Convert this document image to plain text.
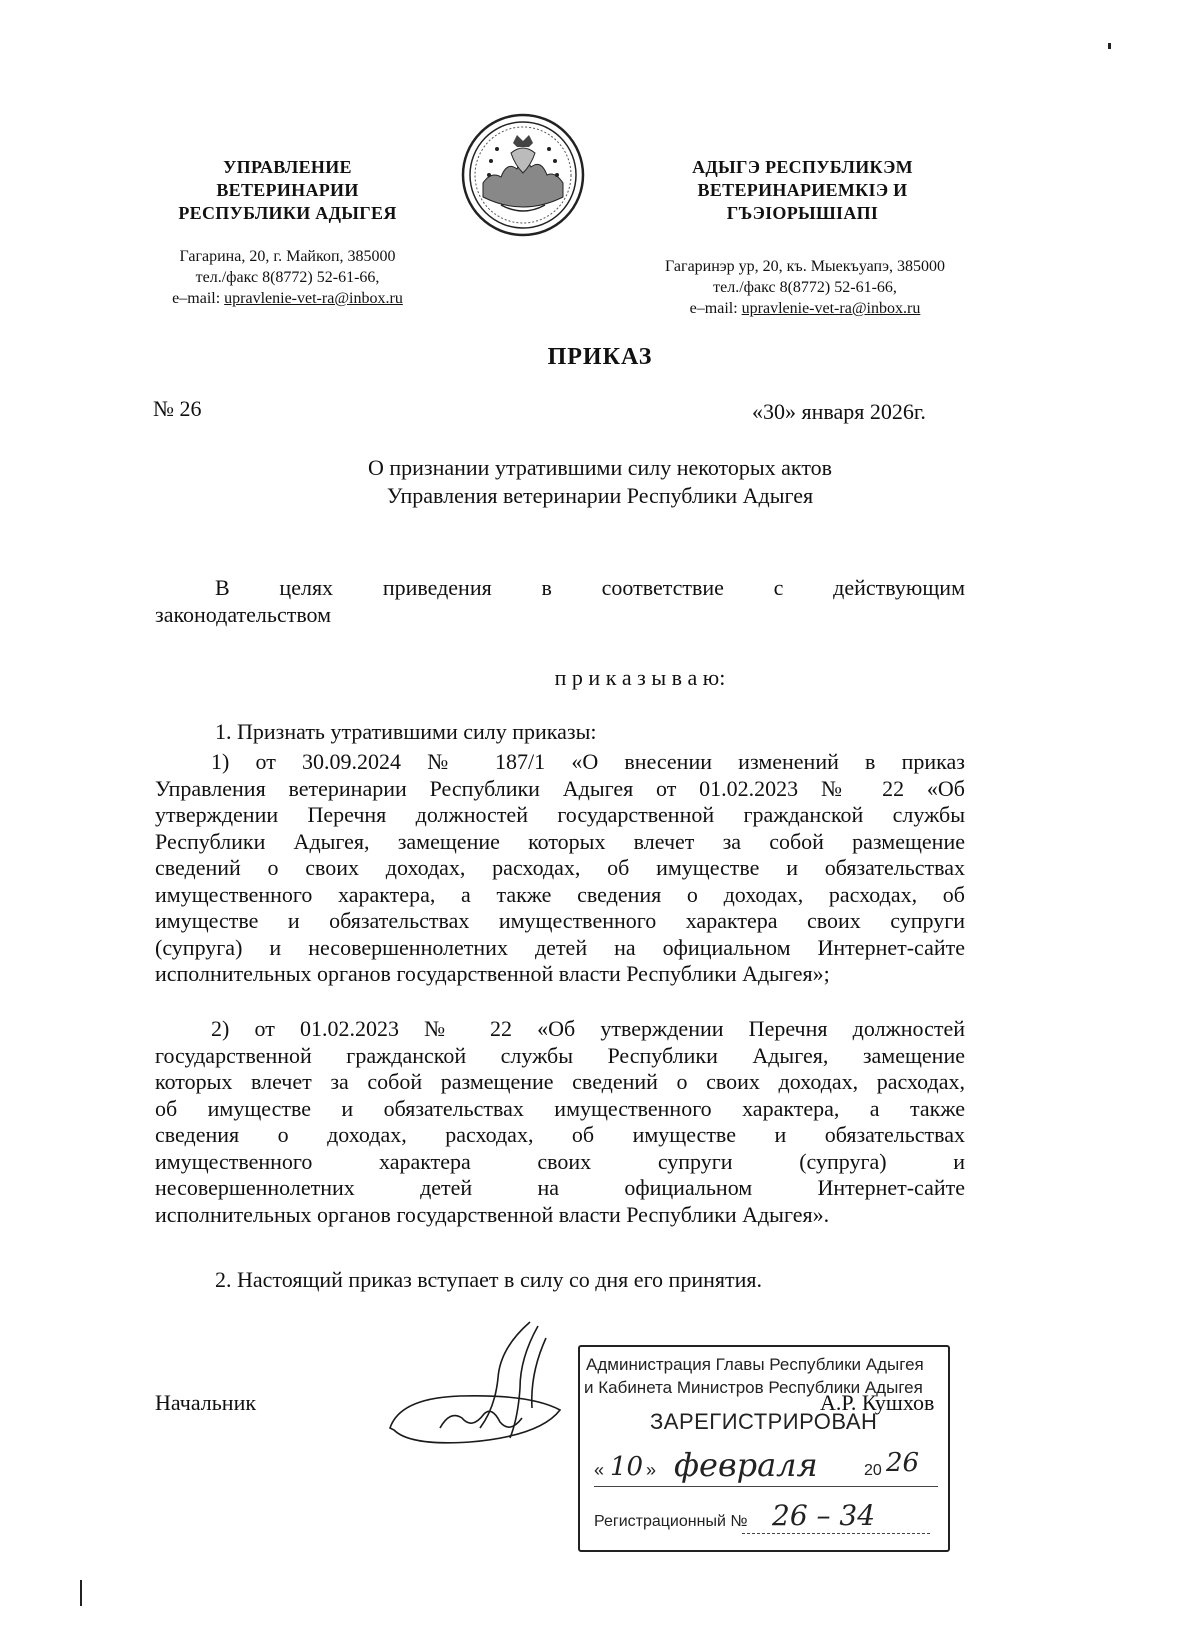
УПРАВЛЕНИЕ
ВЕТЕРИНАРИИ
РЕСПУБЛИКИ АДЫГЕЯ
Гагарина, 20, г. Майкоп, 385000
тел./факс 8(8772) 52-61-66,
e–mail: upravlenie-vet-ra@inbox.ru
АДЫГЭ РЕСПУБЛИКЭМ
ВЕТЕРИНАРИЕМКIЭ И
ГЪЭIОРЫШIAПI
Гагаринэр ур, 20, къ. Мыекъуапэ, 385000
тел./факс 8(8772) 52-61-66,
e–mail: upravlenie-vet-ra@inbox.ru
ПРИКАЗ
№ 26	«30» января 2026г.
О признании утратившими силу некоторых актов
Управления ветеринарии Республики Адыгея
В целях приведения в соответствие с действующим
законодательством
п р и к а з ы в а ю:
1. Признать утратившими силу приказы:
1) от 30.09.2024 № 187/1 «О внесении изменений в приказ
Управления ветеринарии Республики Адыгея от 01.02.2023 № 22 «Об
утверждении Перечня должностей государственной гражданской службы
Республики Адыгея, замещение которых влечет за собой размещение
сведений о своих доходах, расходах, об имуществе и обязательствах
имущественного характера, а также сведения о доходах, расходах, об
имуществе и обязательствах имущественного характера своих супруги
(супруга) и несовершеннолетних детей на официальном Интернет-сайте
исполнительных органов государственной власти Республики Адыгея»;
2) от 01.02.2023 № 22 «Об утверждении Перечня должностей
государственной гражданской службы Республики Адыгея, замещение
которых влечет за собой размещение сведений о своих доходах, расходах,
об имуществе и обязательствах имущественного характера, а также
сведения о доходах, расходах, об имуществе и обязательствах
имущественного характера своих супруги (супруга) и
несовершеннолетних детей на официальном Интернет-сайте
исполнительных органов государственной власти Республики Адыгея».
2. Настоящий приказ вступает в силу со дня его принятия.
Начальник
Администрация Главы Республики Адыгея
и Кабинета Министров Республики Адыгея
ЗАРЕГИСТРИРОВАН
« 10 » февраля	20 26
Регистрационный № 26 – 34
А.Р. Кушхов
